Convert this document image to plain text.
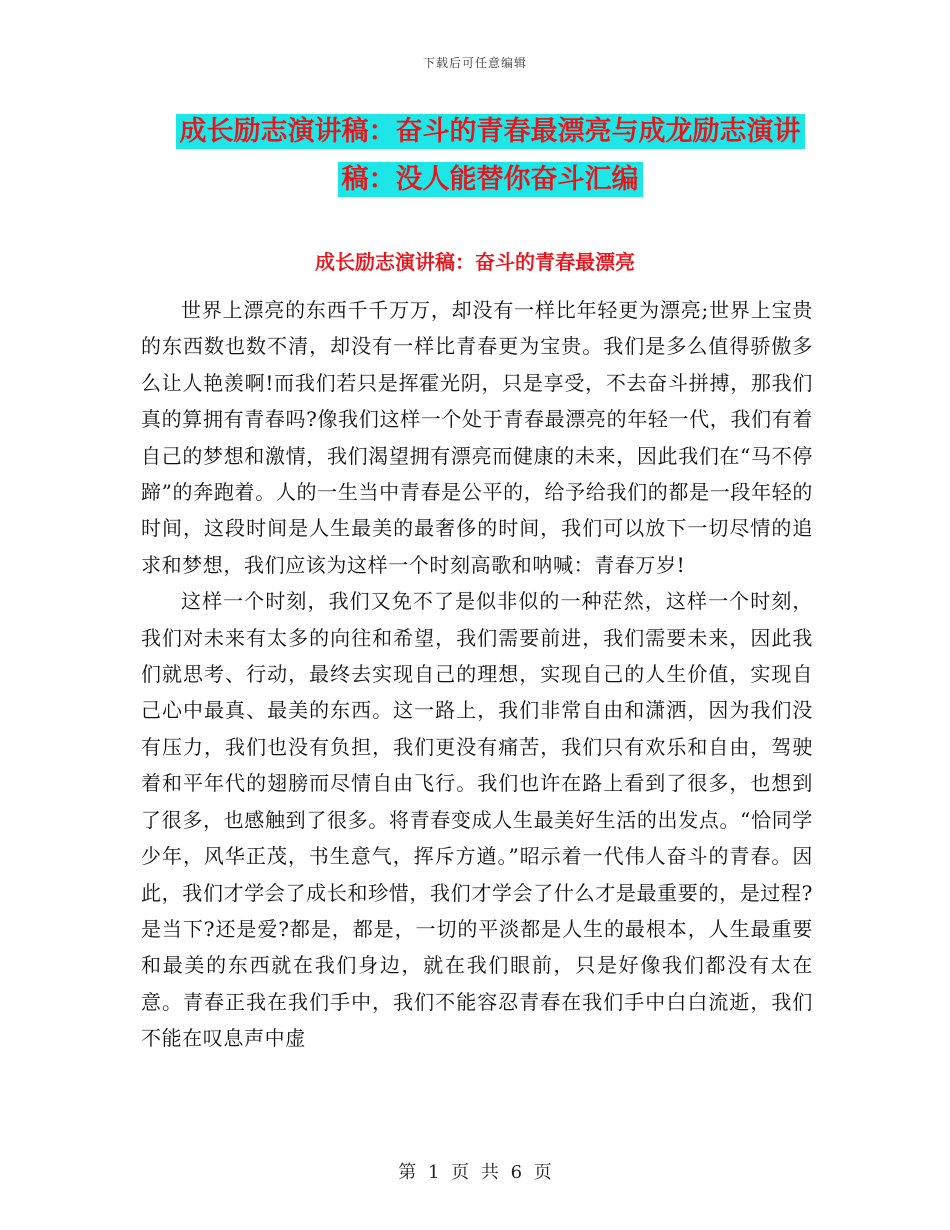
下载后可任意编辑
成长励志演讲稿：奋斗的青春最漂亮与成龙励志演讲
稿：没人能替你奋斗汇编
成长励志演讲稿：奋斗的青春最漂亮

世界上漂亮的东西千千万万，却没有一样比年轻更为漂亮;世界上宝贵的东西数也数不清，却没有一样比青春更为宝贵。我们是多么值得骄傲多么让人艳羡啊!而我们若只是挥霍光阴，只是享受，不去奋斗拼搏，那我们真的算拥有青春吗?像我们这样一个处于青春最漂亮的年轻一代，我们有着自己的梦想和激情，我们渴望拥有漂亮而健康的未来，因此我们在“马不停蹄”的奔跑着。人的一生当中青春是公平的，给予给我们的都是一段年轻的时间，这段时间是人生最美的最奢侈的时间，我们可以放下一切尽情的追求和梦想，我们应该为这样一个时刻高歌和呐喊：青春万岁!

这样一个时刻，我们又免不了是似非似的一种茫然，这样一个时刻，我们对未来有太多的向往和希望，我们需要前进，我们需要未来，因此我们就思考、行动，最终去实现自己的理想，实现自己的人生价值，实现自己心中最真、最美的东西。这一路上，我们非常自由和潇洒，因为我们没有压力，我们也没有负担，我们更没有痛苦，我们只有欢乐和自由，驾驶着和平年代的翅膀而尽情自由飞行。我们也许在路上看到了很多，也想到了很多，也感触到了很多。将青春变成人生最美好生活的出发点。“恰同学少年，风华正茂，书生意气，挥斥方遒。”昭示着一代伟人奋斗的青春。因此，我们才学会了成长和珍惜，我们才学会了什么才是最重要的，是过程?是当下?还是爱?都是，都是，一切的平淡都是人生的最根本，人生最重要和最美的东西就在我们身边，就在我们眼前，只是好像我们都没有太在意。青春正我在我们手中，我们不能容忍青春在我们手中白白流逝，我们不能在叹息声中虚

第 1 页 共 6 页
